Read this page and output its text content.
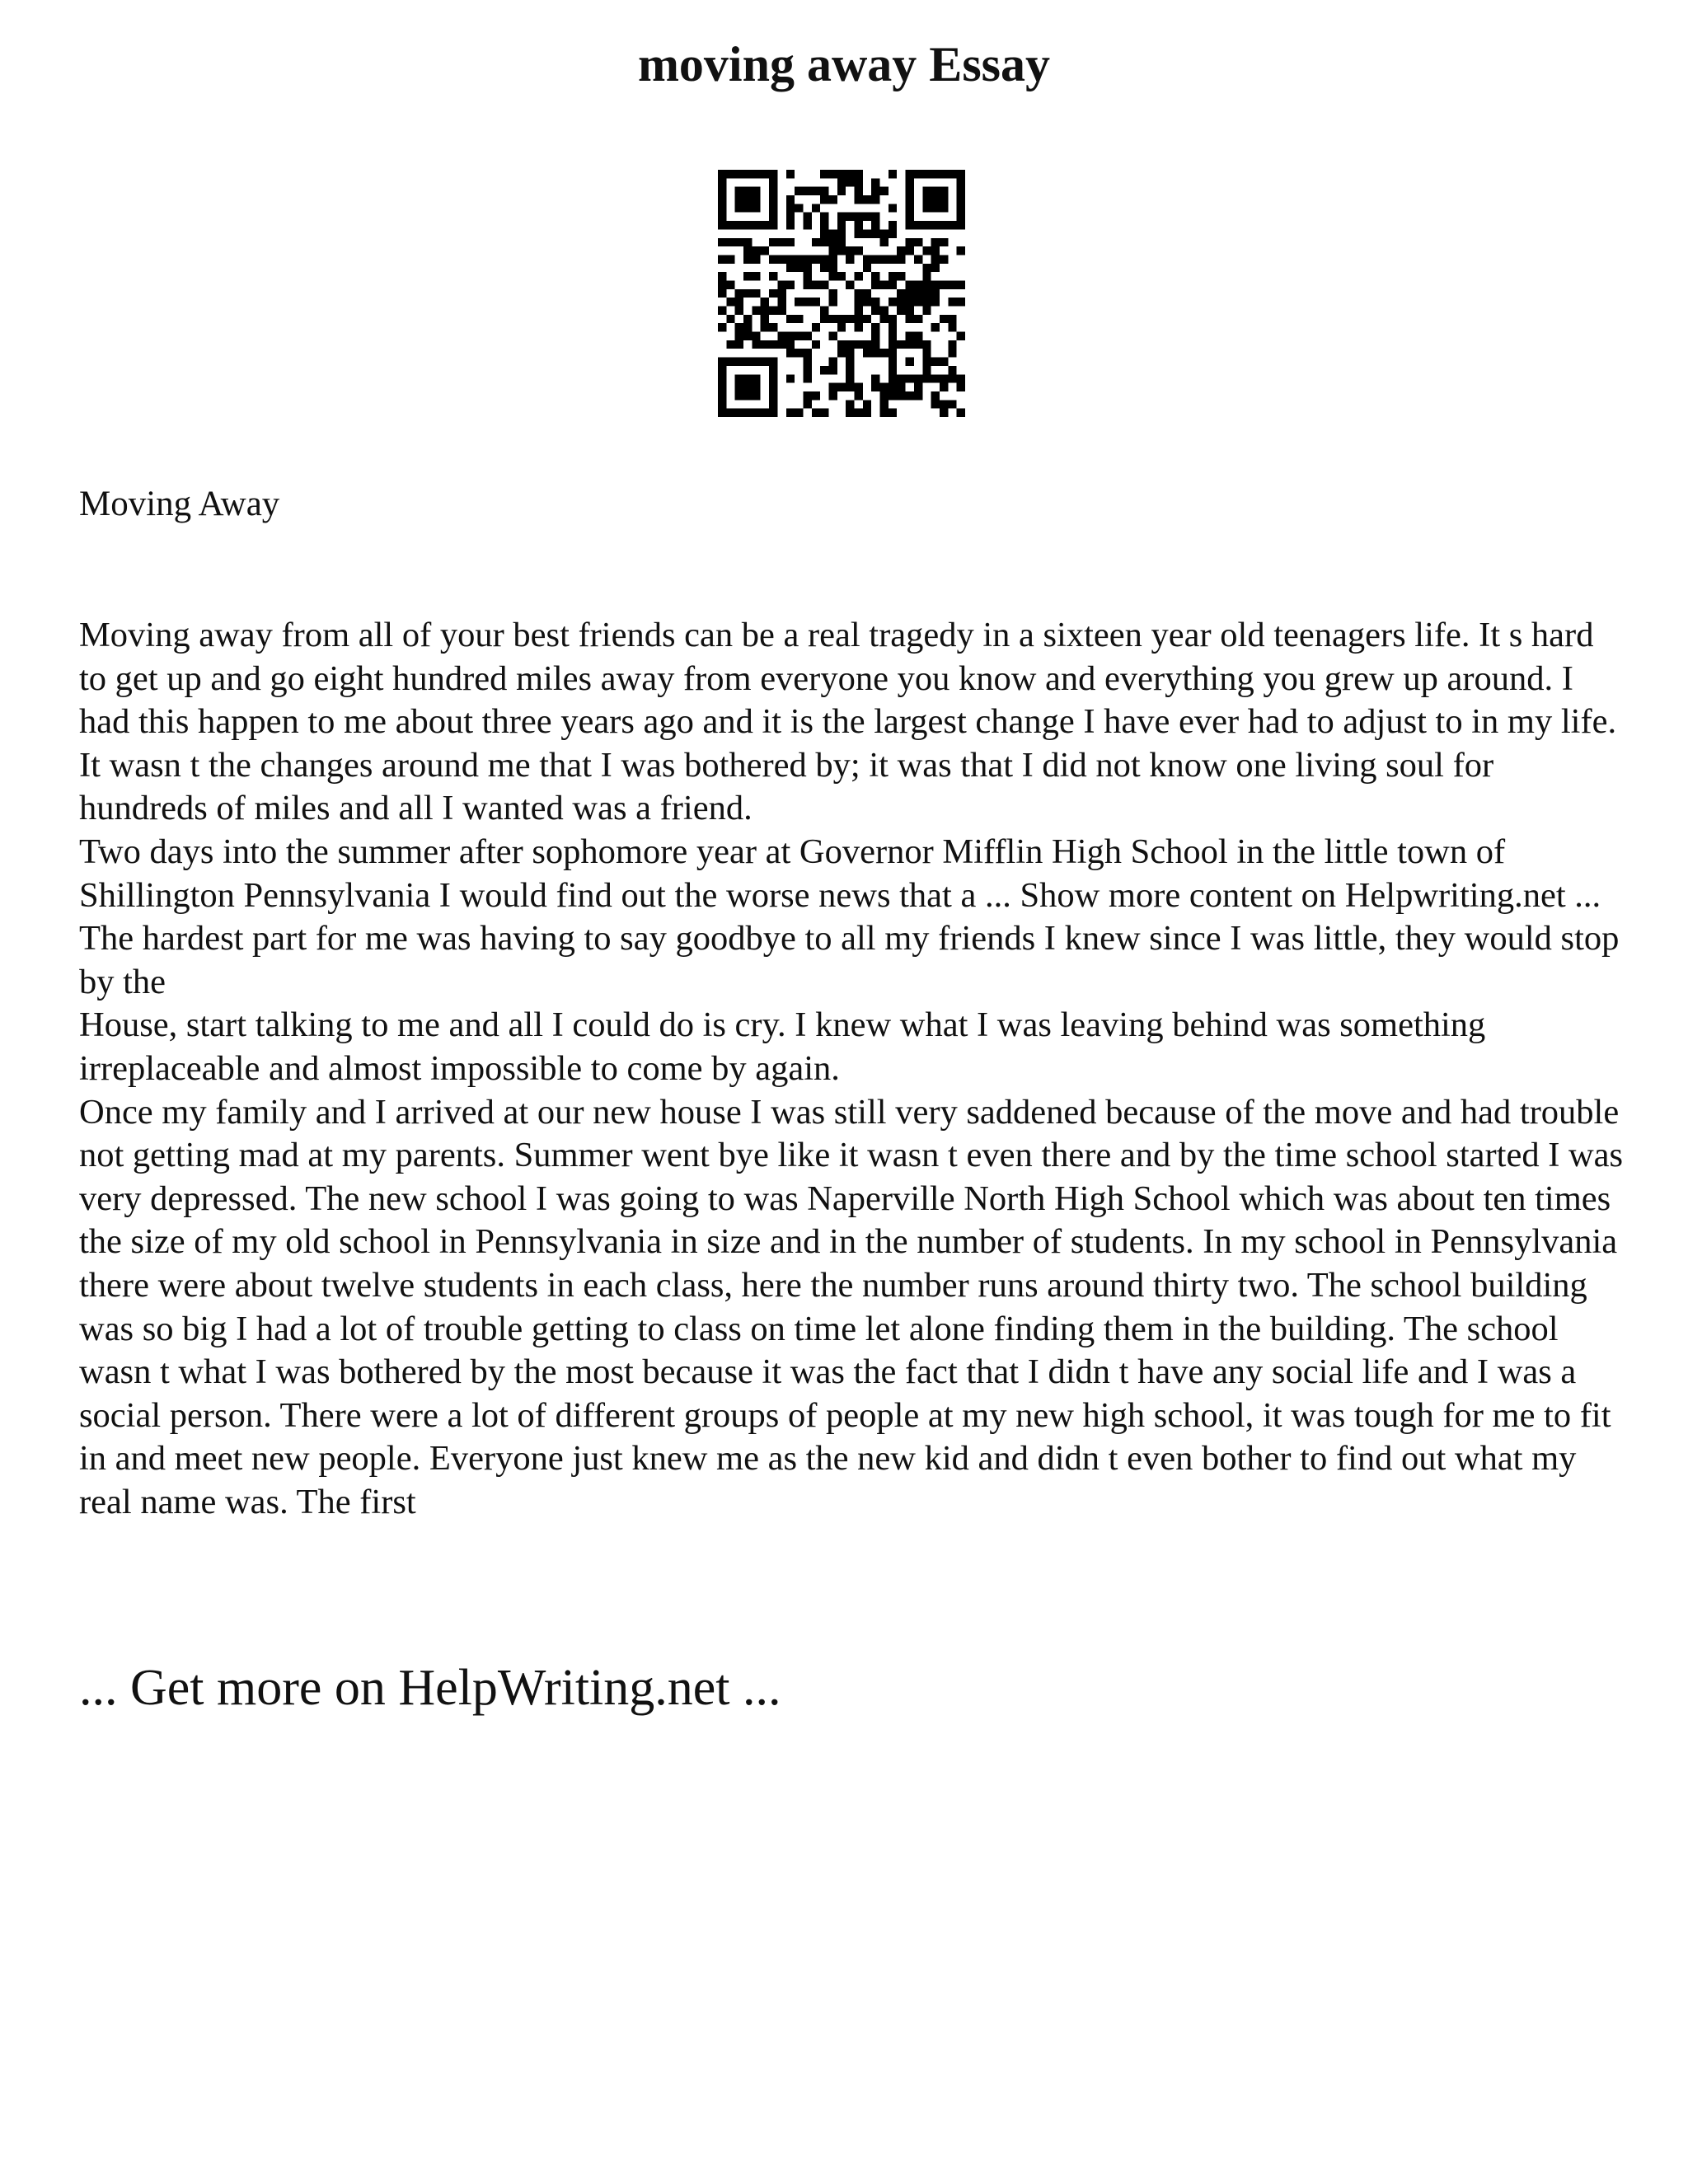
moving away Essay

Moving Away

Moving away from all of your best friends can be a real tragedy in a sixteen year old teenagers life. It s hard to get up and go eight hundred miles away from everyone you know and everything you grew up around. I had this happen to me about three years ago and it is the largest change I have ever had to adjust to in my life. It wasn t the changes around me that I was bothered by; it was that I did not know one living soul for hundreds of miles and all I wanted was a friend.

Two days into the summer after sophomore year at Governor Mifflin High School in the little town of Shillington Pennsylvania I would find out the worse news that a ... Show more content on Helpwriting.net ...

The hardest part for me was having to say goodbye to all my friends I knew since I was little, they would stop by the

House, start talking to me and all I could do is cry. I knew what I was leaving behind was something irreplaceable and almost impossible to come by again.

Once my family and I arrived at our new house I was still very saddened because of the move and had trouble not getting mad at my parents. Summer went bye like it wasn t even there and by the time school started I was very depressed. The new school I was going to was Naperville North High School which was about ten times the size of my old school in Pennsylvania in size and in the number of students. In my school in Pennsylvania there were about twelve students in each class, here the number runs around thirty two. The school building was so big I had a lot of trouble getting to class on time let alone finding them in the building. The school wasn t what I was bothered by the most because it was the fact that I didn t have any social life and I was a social person. There were a lot of different groups of people at my new high school, it was tough for me to fit in and meet new people. Everyone just knew me as the new kid and didn t even bother to find out what my real name was. The first

... Get more on HelpWriting.net ...
